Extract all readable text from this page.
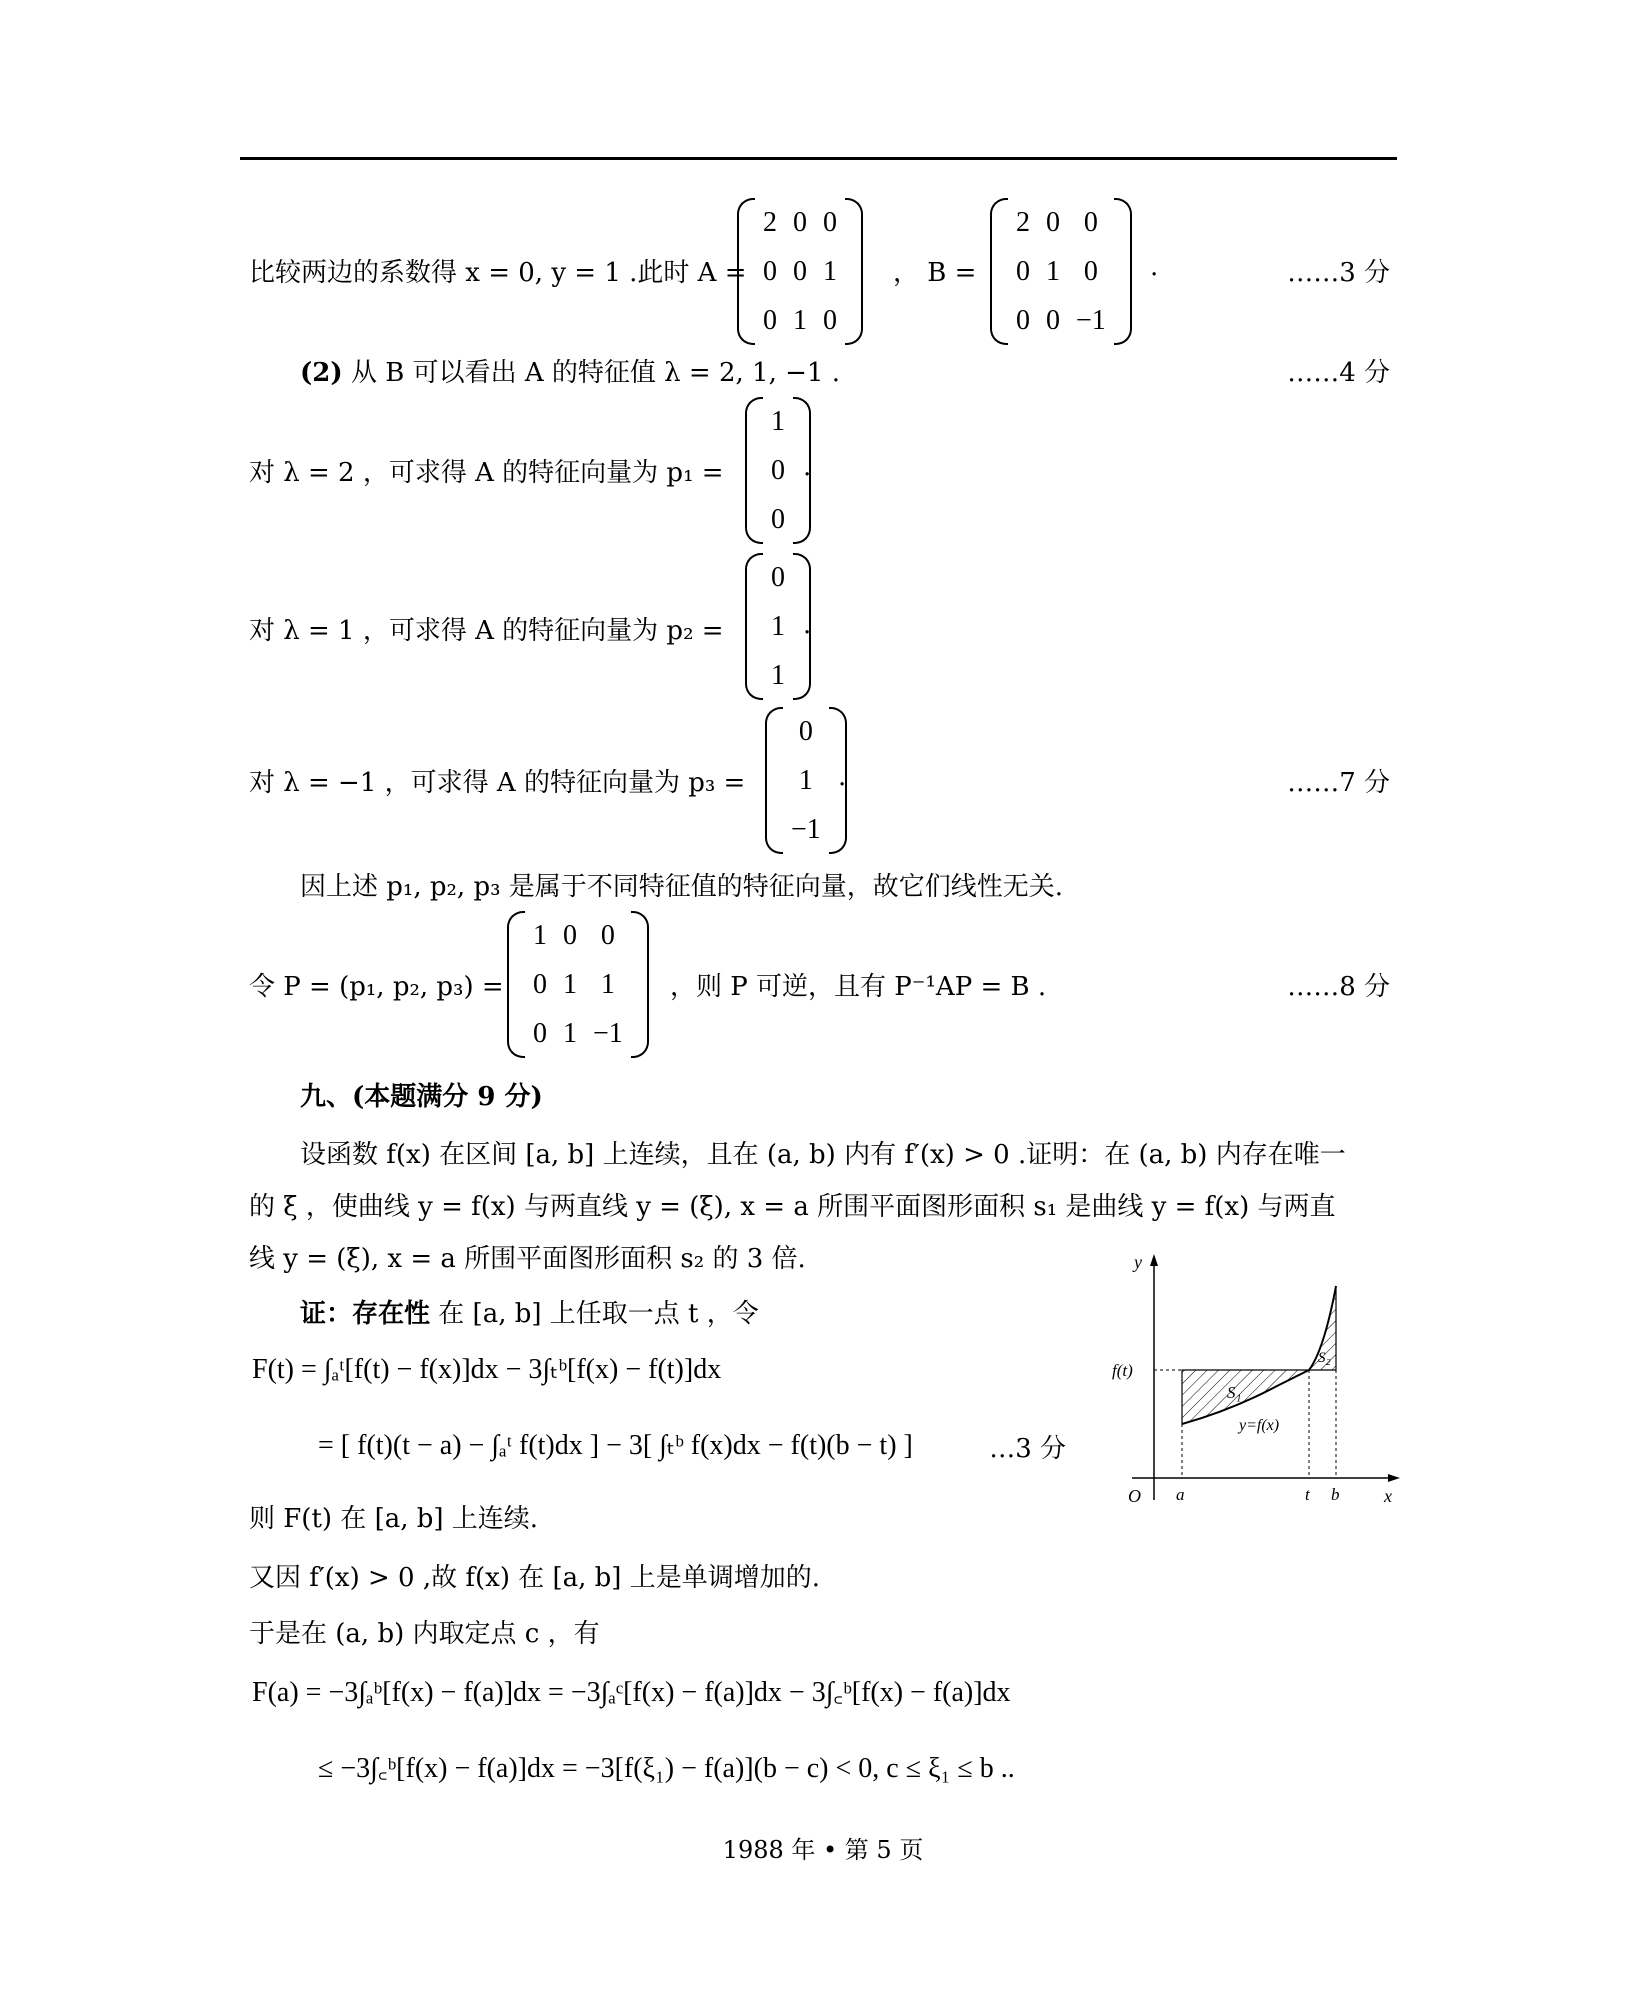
比较两边的系数得 x = 0, y = 1 .此时 A =
2	0	0
0	0	1
0	1	0
， B =
2	0	0
0	1	0
0	0	−1
.	……3 分
(2) 从 B 可以看出 A 的特征值 λ = 2, 1, −1 .	……4 分
对 λ = 2 ，可求得 A 的特征向量为 p₁ =
1
0
0
.
对 λ = 1 ，可求得 A 的特征向量为 p₂ =
0
1
1
.
对 λ = −1 ，可求得 A 的特征向量为 p₃ =
0
1
−1
.	……7 分
因上述 p₁, p₂, p₃ 是属于不同特征值的特征向量，故它们线性无关.
令 P = (p₁, p₂, p₃) =
1	0	0
0	1	1
0	1	−1
，则 P 可逆，且有 P⁻¹AP = B .	……8 分
九、(本题满分 9 分)
设函数 f(x) 在区间 [a, b] 上连续，且在 (a, b) 内有 f′(x) > 0 .证明：在 (a, b) 内存在唯一
的 ξ ，使曲线 y = f(x) 与两直线 y = (ξ), x = a 所围平面图形面积 s₁ 是曲线 y = f(x) 与两直
线 y = (ξ), x = a 所围平面图形面积 s₂ 的 3 倍.
证：存在性 在 [a, b] 上任取一点 t ，令
F(t) = ∫ₐᵗ[f(t) − f(x)]dx − 3∫ₜᵇ[f(x) − f(t)]dx
= [ f(t)(t − a) − ∫ₐᵗ f(t)dx ] − 3[ ∫ₜᵇ f(x)dx − f(t)(b − t) ]	…3 分
则 F(t) 在 [a, b] 上连续.
又因 f′(x) > 0 ,故 f(x) 在 [a, b] 上是单调增加的.
于是在 (a, b) 内取定点 c ，有
F(a) = −3∫ₐᵇ[f(x) − f(a)]dx = −3∫ₐᶜ[f(x) − f(a)]dx − 3∫꜀ᵇ[f(x) − f(a)]dx
≤ −3∫꜀ᵇ[f(x) − f(a)]dx = −3[f(ξ₁) − f(a)](b − c) < 0, c ≤ ξ₁ ≤ b ..
y
x
O
f(t)
a	t b
S₁
S₂
y=f(x)
1988 年 • 第 5 页
